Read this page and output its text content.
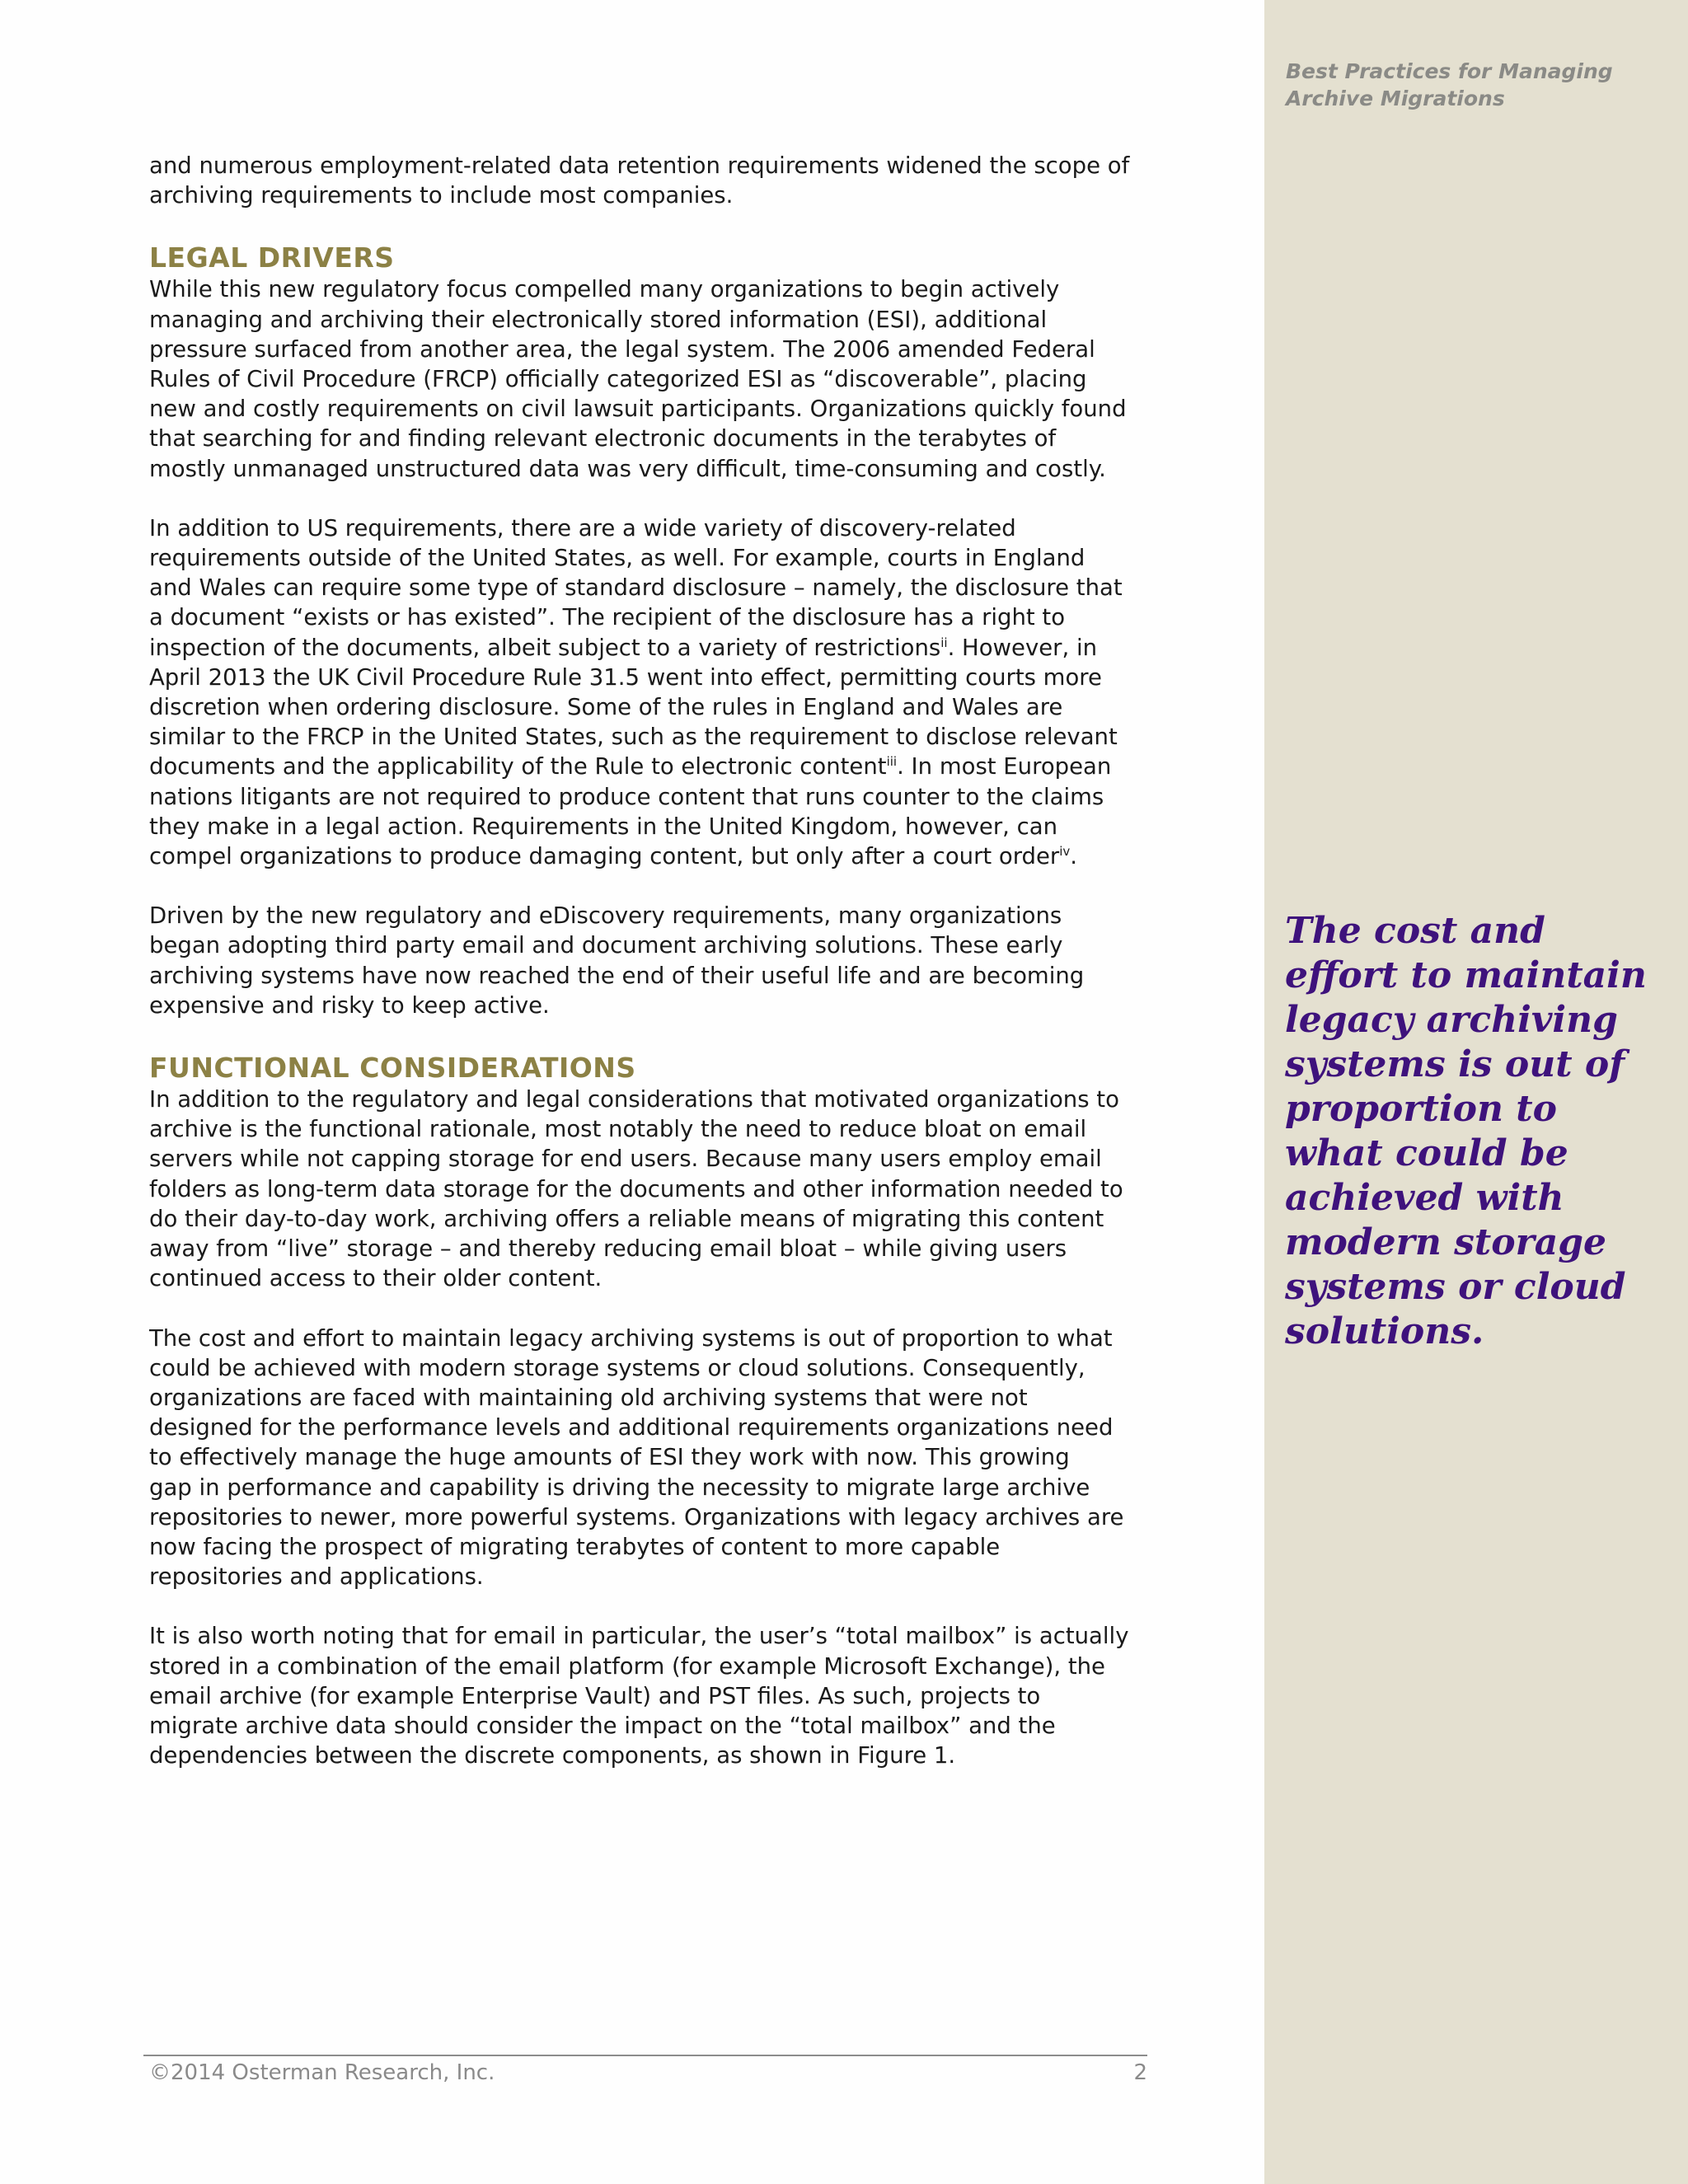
Best Practices for Managing
Archive Migrations
The cost and
effort to maintain
legacy archiving
systems is out of
proportion to
what could be
achieved with
modern storage
systems or cloud
solutions.

and numerous employment-related data retention requirements widened the scope of
archiving requirements to include most companies.

LEGAL DRIVERS

While this new regulatory focus compelled many organizations to begin actively
managing and archiving their electronically stored information (ESI), additional
pressure surfaced from another area, the legal system. The 2006 amended Federal
Rules of Civil Procedure (FRCP) officially categorized ESI as “discoverable”, placing
new and costly requirements on civil lawsuit participants. Organizations quickly found
that searching for and finding relevant electronic documents in the terabytes of
mostly unmanaged unstructured data was very difficult, time-consuming and costly.

In addition to US requirements, there are a wide variety of discovery-related
requirements outside of the United States, as well. For example, courts in England
and Wales can require some type of standard disclosure – namely, the disclosure that
a document “exists or has existed”. The recipient of the disclosure has a right to
inspection of the documents, albeit subject to a variety of restrictions$^{ii}$. However, in
April 2013 the UK Civil Procedure Rule 31.5 went into effect, permitting courts more
discretion when ordering disclosure. Some of the rules in England and Wales are
similar to the FRCP in the United States, such as the requirement to disclose relevant
documents and the applicability of the Rule to electronic content$^{iii}$. In most European
nations litigants are not required to produce content that runs counter to the claims
they make in a legal action. Requirements in the United Kingdom, however, can
compel organizations to produce damaging content, but only after a court order$^{iv}$.

Driven by the new regulatory and eDiscovery requirements, many organizations
began adopting third party email and document archiving solutions. These early
archiving systems have now reached the end of their useful life and are becoming
expensive and risky to keep active.

FUNCTIONAL CONSIDERATIONS

In addition to the regulatory and legal considerations that motivated organizations to
archive is the functional rationale, most notably the need to reduce bloat on email
servers while not capping storage for end users. Because many users employ email
folders as long-term data storage for the documents and other information needed to
do their day-to-day work, archiving offers a reliable means of migrating this content
away from “live” storage – and thereby reducing email bloat – while giving users
continued access to their older content.

The cost and effort to maintain legacy archiving systems is out of proportion to what
could be achieved with modern storage systems or cloud solutions. Consequently,
organizations are faced with maintaining old archiving systems that were not
designed for the performance levels and additional requirements organizations need
to effectively manage the huge amounts of ESI they work with now. This growing
gap in performance and capability is driving the necessity to migrate large archive
repositories to newer, more powerful systems. Organizations with legacy archives are
now facing the prospect of migrating terabytes of content to more capable
repositories and applications.

It is also worth noting that for email in particular, the user’s “total mailbox” is actually
stored in a combination of the email platform (for example Microsoft Exchange), the
email archive (for example Enterprise Vault) and PST files. As such, projects to
migrate archive data should consider the impact on the “total mailbox” and the
dependencies between the discrete components, as shown in Figure 1.

©2014 Osterman Research, Inc.	2
